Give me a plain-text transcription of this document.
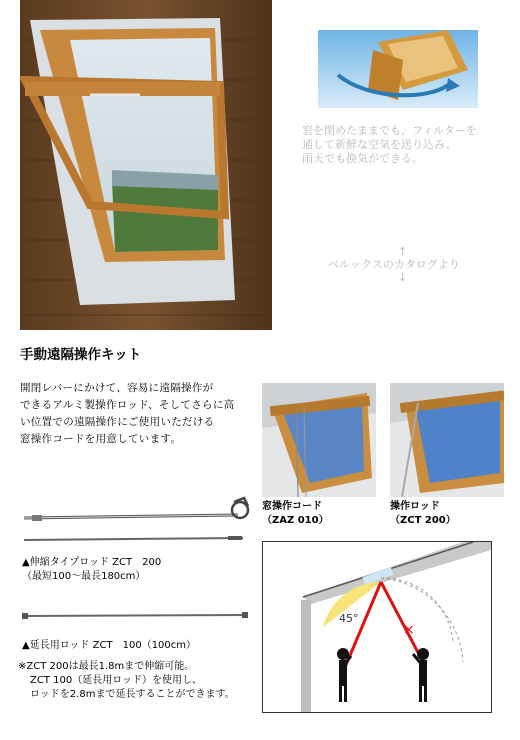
窓を閉めたままでも、フィルターを
通して新鮮な空気を送り込み、
雨天でも換気ができる。
↑
ベルックスのカタログより
↓
手動遠隔操作キット
開閉レバーにかけて、容易に遠隔操作が
できるアルミ製操作ロッド、そしてさらに高
い位置での遠隔操作にご使用いただける
窓操作コードを用意しています。
窓操作コード
（ZAZ 010）
操作ロッド
（ZCT 200）
▲伸縮タイプロッド ZCT　200
（最短100～最長180cm）
▲延長用ロッド ZCT　100（100cm）
※ZCT 200は最長1.8mまで伸縮可能。
ZCT 100（延長用ロッド）を使用し、
ロッドを2.8mまで延長することができます。
45°
×
